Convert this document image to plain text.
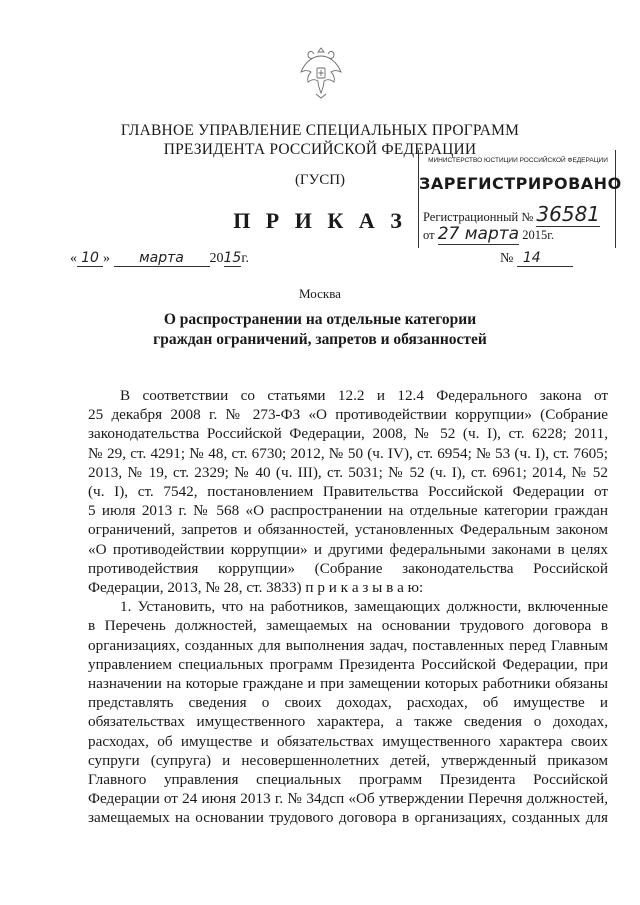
ГЛАВНОЕ УПРАВЛЕНИЕ СПЕЦИАЛЬНЫХ ПРОГРАММ
ПРЕЗИДЕНТА РОССИЙСКОЙ ФЕДЕРАЦИИ
(ГУСП)
П Р И К А З
МИНИСТЕРСТВО ЮСТИЦИИ РОССИЙСКОЙ ФЕДЕРАЦИИ
ЗАРЕГИСТРИРОВАНО
Регистрационный № 36581
от 27 марта 2015г.
« 10 » марта 2015г.	№ 14
Москва
О распространении на отдельные категории
граждан ограничений, запретов и обязанностей

В соответствии со статьями 12.2 и 12.4 Федерального закона от

25 декабря 2008 г. № 273-ФЗ «О противодействии коррупции» (Собрание

законодательства Российской Федерации, 2008, № 52 (ч. I), ст. 6228; 2011,

№ 29, ст. 4291; № 48, ст. 6730; 2012, № 50 (ч. IV), ст. 6954; № 53 (ч. I), ст. 7605;

2013, № 19, ст. 2329; № 40 (ч. III), ст. 5031; № 52 (ч. I), ст. 6961; 2014, № 52

(ч. I), ст. 7542, постановлением Правительства Российской Федерации от

5 июля 2013 г. № 568 «О распространении на отдельные категории граждан

ограничений, запретов и обязанностей, установленных Федеральным законом

«О противодействии коррупции» и другими федеральными законами в целях

противодействия коррупции» (Собрание законодательства Российской

Федерации, 2013, № 28, ст. 3833) п р и к а з ы в а ю:

1. Установить, что на работников, замещающих должности, включенные

в Перечень должностей, замещаемых на основании трудового договора в

организациях, созданных для выполнения задач, поставленных перед Главным

управлением специальных программ Президента Российской Федерации, при

назначении на которые граждане и при замещении которых работники обязаны

представлять сведения о своих доходах, расходах, об имуществе и

обязательствах имущественного характера, а также сведения о доходах,

расходах, об имуществе и обязательствах имущественного характера своих

супруги (супруга) и несовершеннолетних детей, утвержденный приказом

Главного управления специальных программ Президента Российской

Федерации от 24 июня 2013 г. № 34дсп «Об утверждении Перечня должностей,

замещаемых на основании трудового договора в организациях, созданных для
